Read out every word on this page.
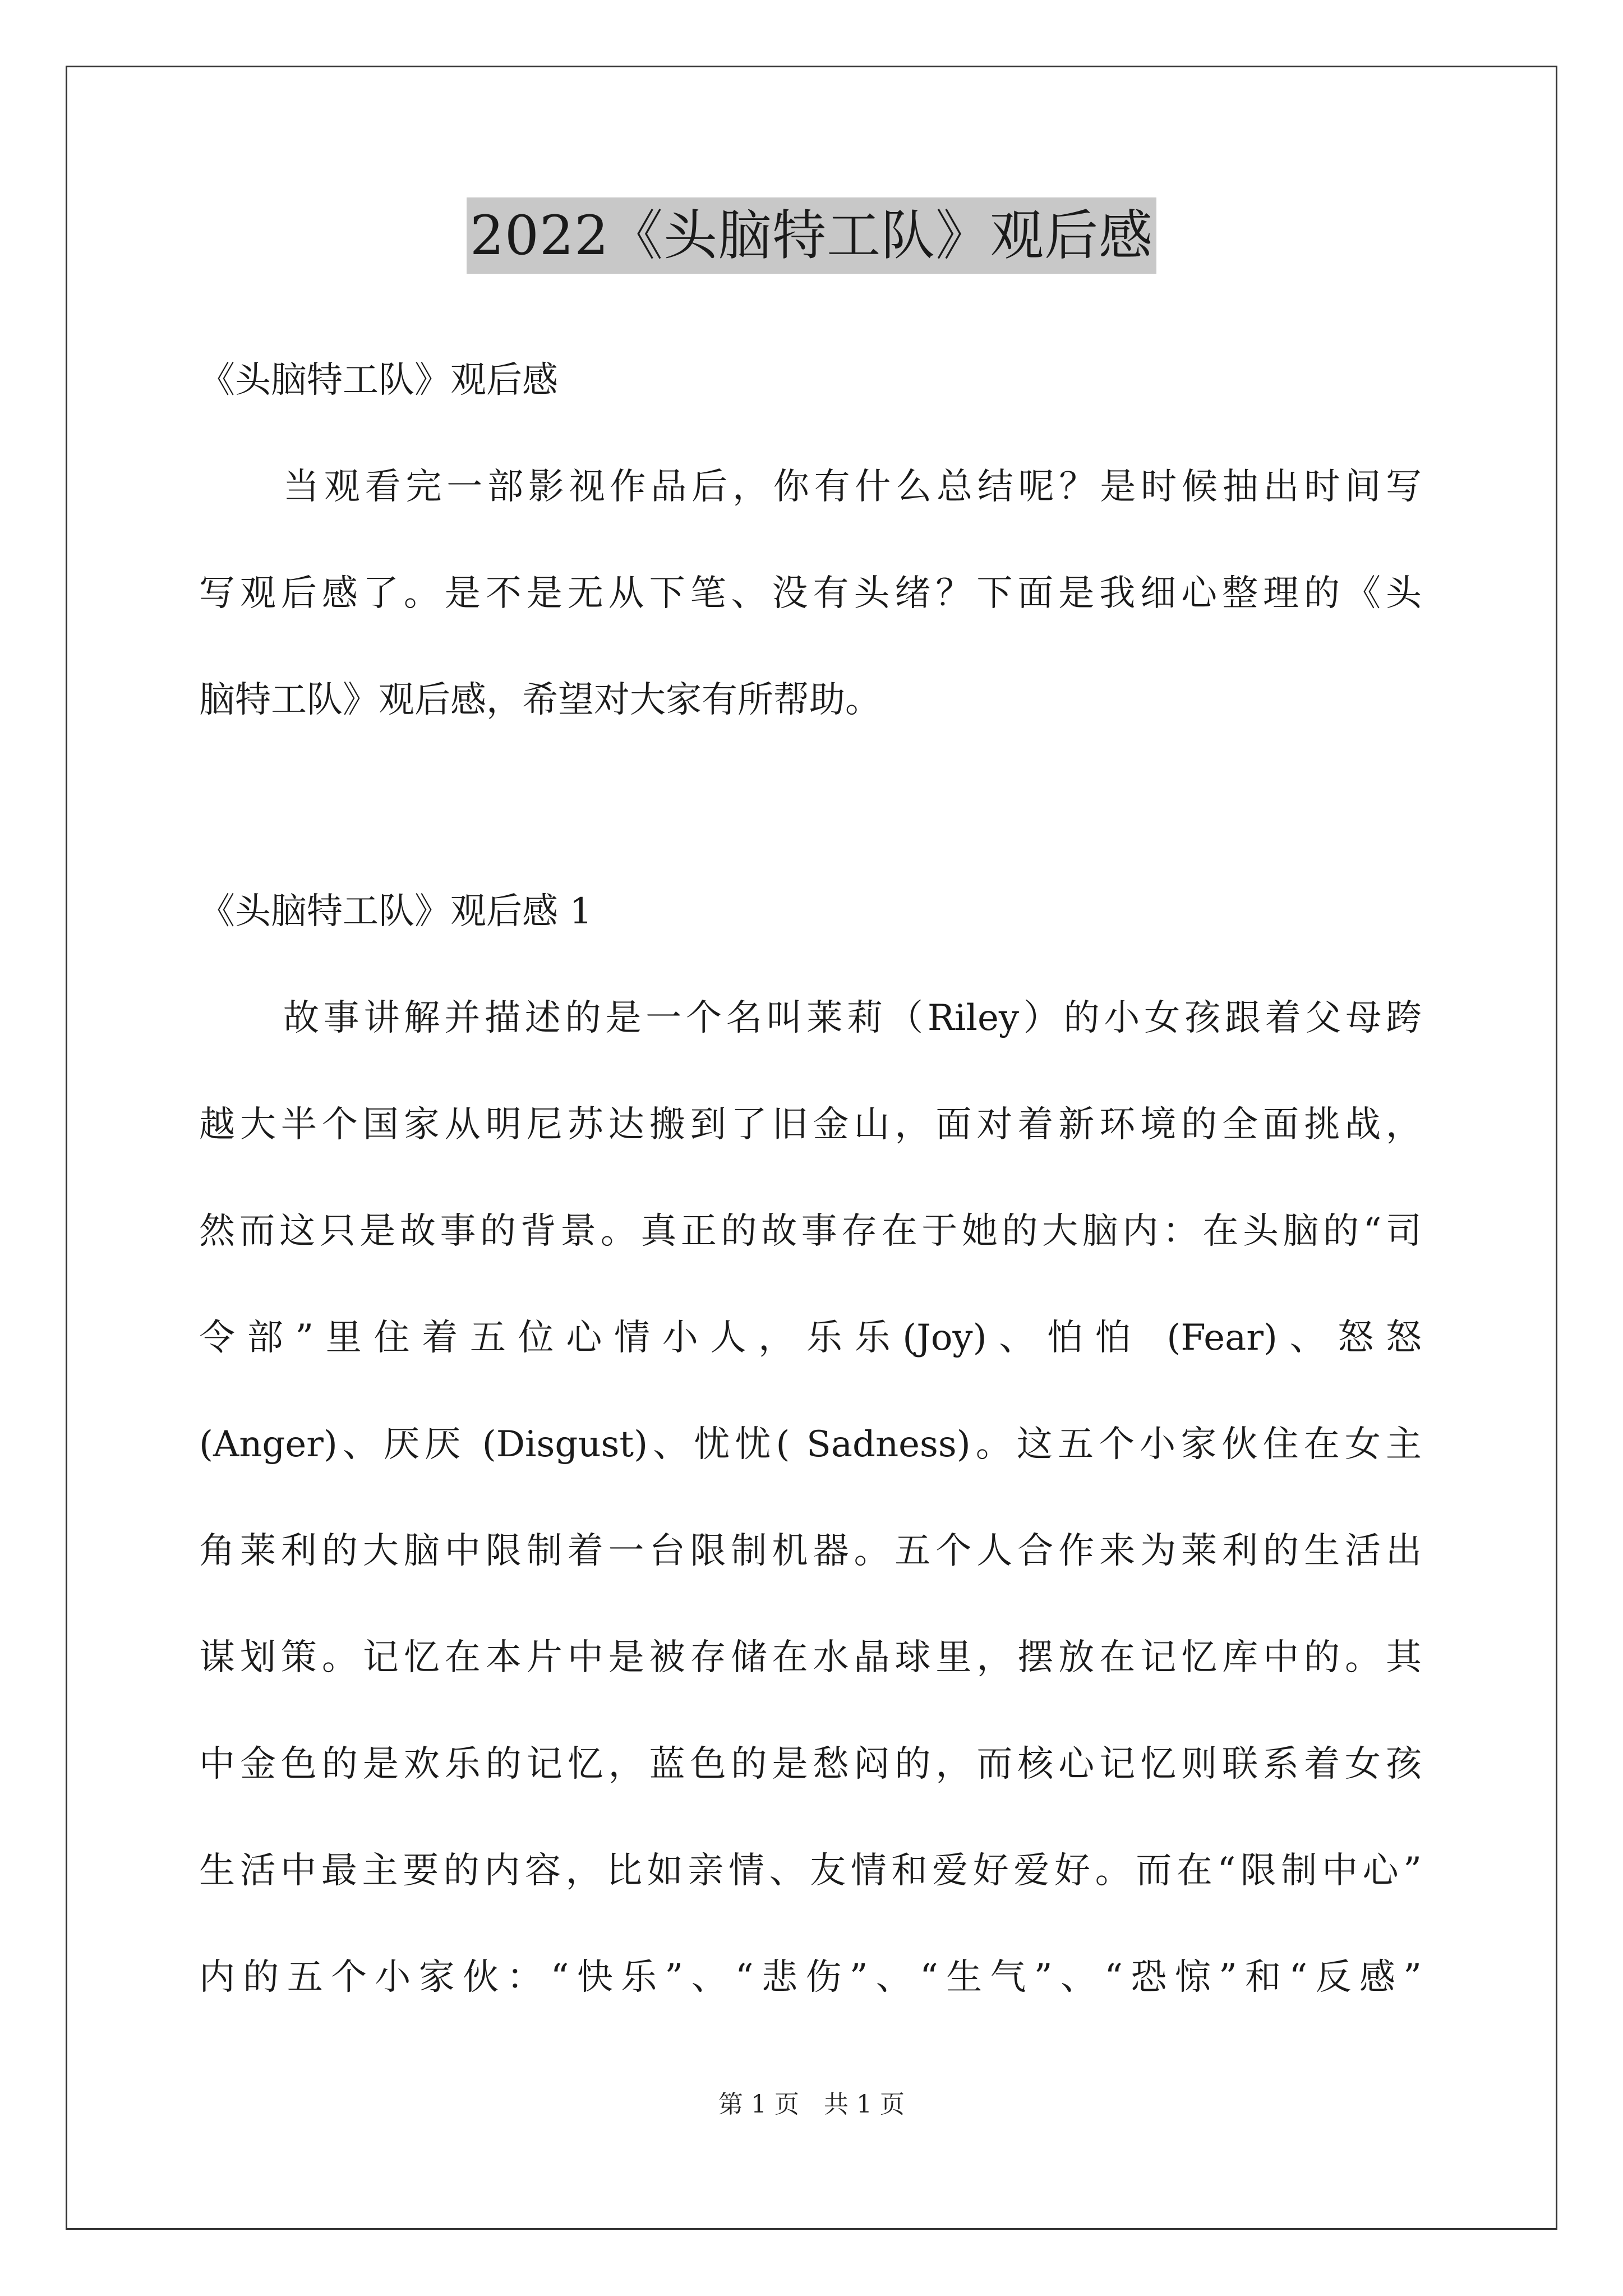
2022《头脑特工队》观后感
《头脑特工队》观后感
当观看完一部影视作品后，你有什么总结呢？是时候抽出时间写
写观后感了。是不是无从下笔、没有头绪？下面是我细心整理的《头
脑特工队》观后感，希望对大家有所帮助。
《头脑特工队》观后感 1
故事讲解并描述的是一个名叫莱莉（Riley）的小女孩跟着父母跨
越大半个国家从明尼苏达搬到了旧金山，面对着新环境的全面挑战，
然而这只是故事的背景。真正的故事存在于她的大脑内：在头脑的“司
令部”里住着五位心情小人，乐乐(Joy)、怕怕 (Fear)、怒怒
(Anger)、厌厌 (Disgust)、忧忧( Sadness)。这五个小家伙住在女主
角莱利的大脑中限制着一台限制机器。五个人合作来为莱利的生活出
谋划策。记忆在本片中是被存储在水晶球里，摆放在记忆库中的。其
中金色的是欢乐的记忆，蓝色的是愁闷的，而核心记忆则联系着女孩
生活中最主要的内容，比如亲情、友情和爱好爱好。而在“限制中心”
内的五个小家伙：“快乐”、“悲伤”、“生气”、“恐惊”和“反感”
第 1 页　共 1 页
